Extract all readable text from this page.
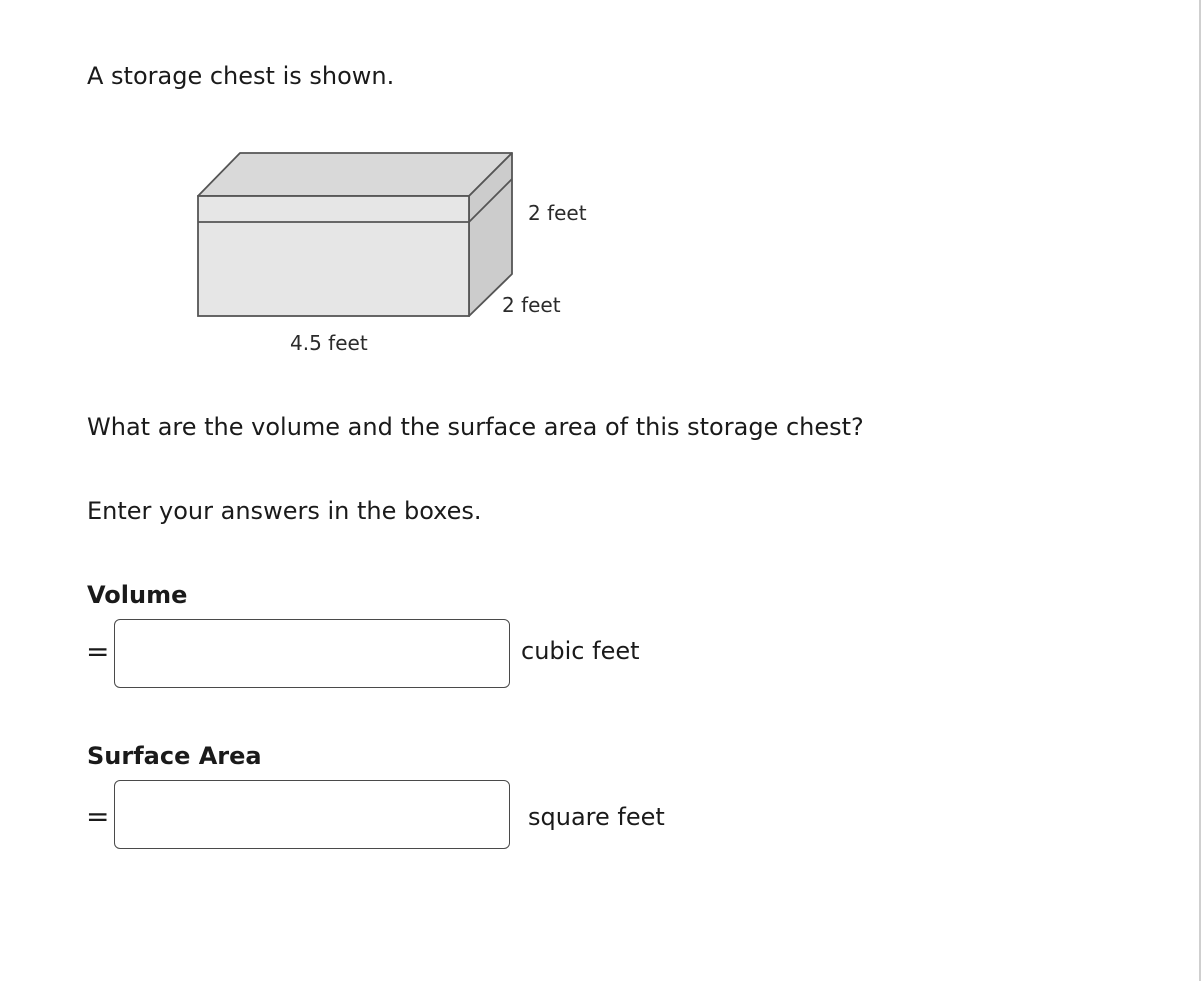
A storage chest is shown.
2 feet
2 feet
4.5 feet
What are the volume and the surface area of this storage chest?
Enter your answers in the boxes.
Volume
=	cubic feet
Surface Area
=	square feet
